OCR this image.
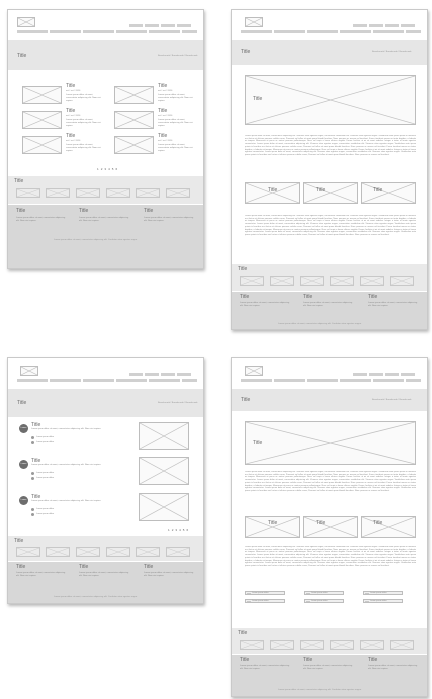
Title	Breadcrumb / Breadcrumb / Breadcrumb
Title
oct / oct / 2016
Lorem ipsum dolor sit amet, consectetur adipiscing elit. Nam nisi sapien.
Title
oct / oct / 2016
Lorem ipsum dolor sit amet, consectetur adipiscing elit. Nam nisi sapien.
Title
oct / oct / 2016
Lorem ipsum dolor sit amet, consectetur adipiscing elit. Nam nisi sapien.
Title
oct / oct / 2016
Lorem ipsum dolor sit amet, consectetur adipiscing elit. Nam nisi sapien.
Title
oct / oct / 2016
Lorem ipsum dolor sit amet, consectetur adipiscing elit. Nam nisi sapien.
Title
oct / oct / 2016
Lorem ipsum dolor sit amet, consectetur adipiscing elit. Nam nisi sapien.
1 2 3 4 5 6
Title
Title
Lorem ipsum dolor sit amet, consectetur adipiscing elit. Nam nisi sapien.
Title
Lorem ipsum dolor sit amet, consectetur adipiscing elit. Nam nisi sapien.
Title
Lorem ipsum dolor sit amet, consectetur adipiscing elit. Nam nisi sapien.
Lorem ipsum dolor sit amet, consectetur adipiscing elit. Curabitur vitae egestas augue.
Title	Breadcrumb / Breadcrumb / Breadcrumb
Title
Lorem ipsum dolor sit amet, consectetur adipiscing elit. Vivamus vitae egestas augue, consectetur vestibulum elit. Vivamus vitae egestas augue. Vestibulum ante ipsum primis in faucibus orci luctus et ultrices posuere cubilia curae; Praesent vel tellus sit amet quam blandit faucibus. Nunc posuere ac massa vel tincidunt. Fusce tincidunt massa eu tortor dapibus, a lobortis mi tempor. Maecenas at purus ac metus posuere pellentesque. Nunc vel turpis a lorem ultrices sagittis. Donec facilisis ut mi sit amet sodales. Integer a tortor et lorem egestas consectetur. Lorem ipsum dolor sit amet, consectetur adipiscing elit. Vivamus vitae egestas augue, consectetur vestibulum elit. Vivamus vitae egestas augue. Vestibulum ante ipsum primis in faucibus orci luctus et ultrices posuere cubilia curae; Praesent vel tellus sit amet quam blandit faucibus. Nunc posuere ac massa vel tincidunt. Fusce tincidunt massa eu tortor dapibus, a lobortis mi tempor. Maecenas at purus ac metus posuere pellentesque. Nunc vel turpis a lorem ultrices sagittis. Donec facilisis ut mi sit amet sodales. Integer a tortor et lorem egestas consectetur. Lorem ipsum dolor sit amet, consectetur adipiscing elit. Vivamus vitae egestas augue, consectetur vestibulum elit. Vivamus vitae egestas augue. Vestibulum ante ipsum primis in faucibus orci luctus et ultrices posuere cubilia curae; Praesent vel tellus sit amet quam blandit faucibus. Nunc posuere ac massa vel tincidunt.
Title	Title	Title
Lorem ipsum dolor sit amet, consectetur adipiscing elit. Vivamus vitae egestas augue, consectetur vestibulum elit. Vivamus vitae egestas augue. Vestibulum ante ipsum primis in faucibus orci luctus et ultrices posuere cubilia curae; Praesent vel tellus sit amet quam blandit faucibus. Nunc posuere ac massa vel tincidunt. Fusce tincidunt massa eu tortor dapibus, a lobortis mi tempor. Maecenas at purus ac metus posuere pellentesque. Nunc vel turpis a lorem ultrices sagittis. Donec facilisis ut mi sit amet sodales. Integer a tortor et lorem egestas consectetur. Lorem ipsum dolor sit amet, consectetur adipiscing elit. Vivamus vitae egestas augue, consectetur vestibulum elit. Vivamus vitae egestas augue. Vestibulum ante ipsum primis in faucibus orci luctus et ultrices posuere cubilia curae; Praesent vel tellus sit amet quam blandit faucibus. Nunc posuere ac massa vel tincidunt. Fusce tincidunt massa eu tortor dapibus, a lobortis mi tempor. Maecenas at purus ac metus posuere pellentesque. Nunc vel turpis a lorem ultrices sagittis. Donec facilisis ut mi sit amet sodales. Integer a tortor et lorem egestas consectetur. Lorem ipsum dolor sit amet, consectetur adipiscing elit. Vivamus vitae egestas augue, consectetur vestibulum elit. Vivamus vitae egestas augue. Vestibulum ante ipsum primis in faucibus orci luctus et ultrices posuere cubilia curae; Praesent vel tellus sit amet quam blandit faucibus. Nunc posuere ac massa vel tincidunt.
Title
Title
Lorem ipsum dolor sit amet, consectetur adipiscing elit. Nam nisi sapien.
Title
Lorem ipsum dolor sit amet, consectetur adipiscing elit. Nam nisi sapien.
Title
Lorem ipsum dolor sit amet, consectetur adipiscing elit. Nam nisi sapien.
Lorem ipsum dolor sit amet, consectetur adipiscing elit. Curabitur vitae egestas augue.
Title	Breadcrumb / Breadcrumb / Breadcrumb
Lorem Ipsum
Title
Lorem ipsum dolor sit amet, consectetur adipiscing elit. Nam nisi sapien.
Lorem ipsum dolor
Lorem ipsum dolor
Lorem Ipsum
Title
Lorem ipsum dolor sit amet, consectetur adipiscing elit. Nam nisi sapien.
Lorem ipsum dolor
Lorem ipsum dolor
Lorem Ipsum
Title
Lorem ipsum dolor sit amet, consectetur adipiscing elit. Nam nisi sapien.
Lorem ipsum dolor
Lorem ipsum dolor
1 2 3 4 5 6
Title
Title
Lorem ipsum dolor sit amet, consectetur adipiscing elit. Nam nisi sapien.
Title
Lorem ipsum dolor sit amet, consectetur adipiscing elit. Nam nisi sapien.
Title
Lorem ipsum dolor sit amet, consectetur adipiscing elit. Nam nisi sapien.
Lorem ipsum dolor sit amet, consectetur adipiscing elit. Curabitur vitae egestas augue.
Title	Breadcrumb / Breadcrumb / Breadcrumb
Title
Lorem ipsum dolor sit amet, consectetur adipiscing elit. Vivamus vitae egestas augue, consectetur vestibulum elit. Vivamus vitae egestas augue. Vestibulum ante ipsum primis in faucibus orci luctus et ultrices posuere cubilia curae; Praesent vel tellus sit amet quam blandit faucibus. Nunc posuere ac massa vel tincidunt. Fusce tincidunt massa eu tortor dapibus, a lobortis mi tempor. Maecenas at purus ac metus posuere pellentesque. Nunc vel turpis a lorem ultrices sagittis. Donec facilisis ut mi sit amet sodales. Integer a tortor et lorem egestas consectetur. Lorem ipsum dolor sit amet, consectetur adipiscing elit. Vivamus vitae egestas augue, consectetur vestibulum elit. Vivamus vitae egestas augue. Vestibulum ante ipsum primis in faucibus orci luctus et ultrices posuere cubilia curae; Praesent vel tellus sit amet quam blandit faucibus. Nunc posuere ac massa vel tincidunt. Fusce tincidunt massa eu tortor dapibus, a lobortis mi tempor. Maecenas at purus ac metus posuere pellentesque. Nunc vel turpis a lorem ultrices sagittis. Donec facilisis ut mi sit amet sodales. Integer a tortor et lorem egestas consectetur. Lorem ipsum dolor sit amet, consectetur adipiscing elit. Vivamus vitae egestas augue, consectetur vestibulum elit. Vivamus vitae egestas augue. Vestibulum ante ipsum primis in faucibus orci luctus et ultrices posuere cubilia curae; Praesent vel tellus sit amet quam blandit faucibus. Nunc posuere ac massa vel tincidunt.
Title	Title	Title
Lorem ipsum dolor sit amet, consectetur adipiscing elit. Vivamus vitae egestas augue, consectetur vestibulum elit. Vivamus vitae egestas augue. Vestibulum ante ipsum primis in faucibus orci luctus et ultrices posuere cubilia curae; Praesent vel tellus sit amet quam blandit faucibus. Nunc posuere ac massa vel tincidunt. Fusce tincidunt massa eu tortor dapibus, a lobortis mi tempor. Maecenas at purus ac metus posuere pellentesque. Nunc vel turpis a lorem ultrices sagittis. Donec facilisis ut mi sit amet sodales. Integer a tortor et lorem egestas consectetur. Lorem ipsum dolor sit amet, consectetur adipiscing elit. Vivamus vitae egestas augue, consectetur vestibulum elit. Vivamus vitae egestas augue. Vestibulum ante ipsum primis in faucibus orci luctus et ultrices posuere cubilia curae; Praesent vel tellus sit amet quam blandit faucibus. Nunc posuere ac massa vel tincidunt. Fusce tincidunt massa eu tortor dapibus, a lobortis mi tempor. Maecenas at purus ac metus posuere pellentesque. Nunc vel turpis a lorem ultrices sagittis. Donec facilisis ut mi sit amet sodales. Integer a tortor et lorem egestas consectetur. Lorem ipsum dolor sit amet, consectetur adipiscing elit. Vivamus vitae egestas augue, consectetur vestibulum elit. Vivamus vitae egestas augue. Vestibulum ante ipsum primis in faucibus orci luctus et ultrices posuere cubilia curae; Praesent vel tellus sit amet quam blandit faucibus. Nunc posuere ac massa vel tincidunt.
Lorem ipsum dolor	Lorem ipsum dolor	Lorem ipsum dolor
Lorem ipsum dolor	Lorem ipsum dolor	Lorem ipsum dolor
Title
Title
Lorem ipsum dolor sit amet, consectetur adipiscing elit. Nam nisi sapien.
Title
Lorem ipsum dolor sit amet, consectetur adipiscing elit. Nam nisi sapien.
Title
Lorem ipsum dolor sit amet, consectetur adipiscing elit. Nam nisi sapien.
Lorem ipsum dolor sit amet, consectetur adipiscing elit. Curabitur vitae egestas augue.
